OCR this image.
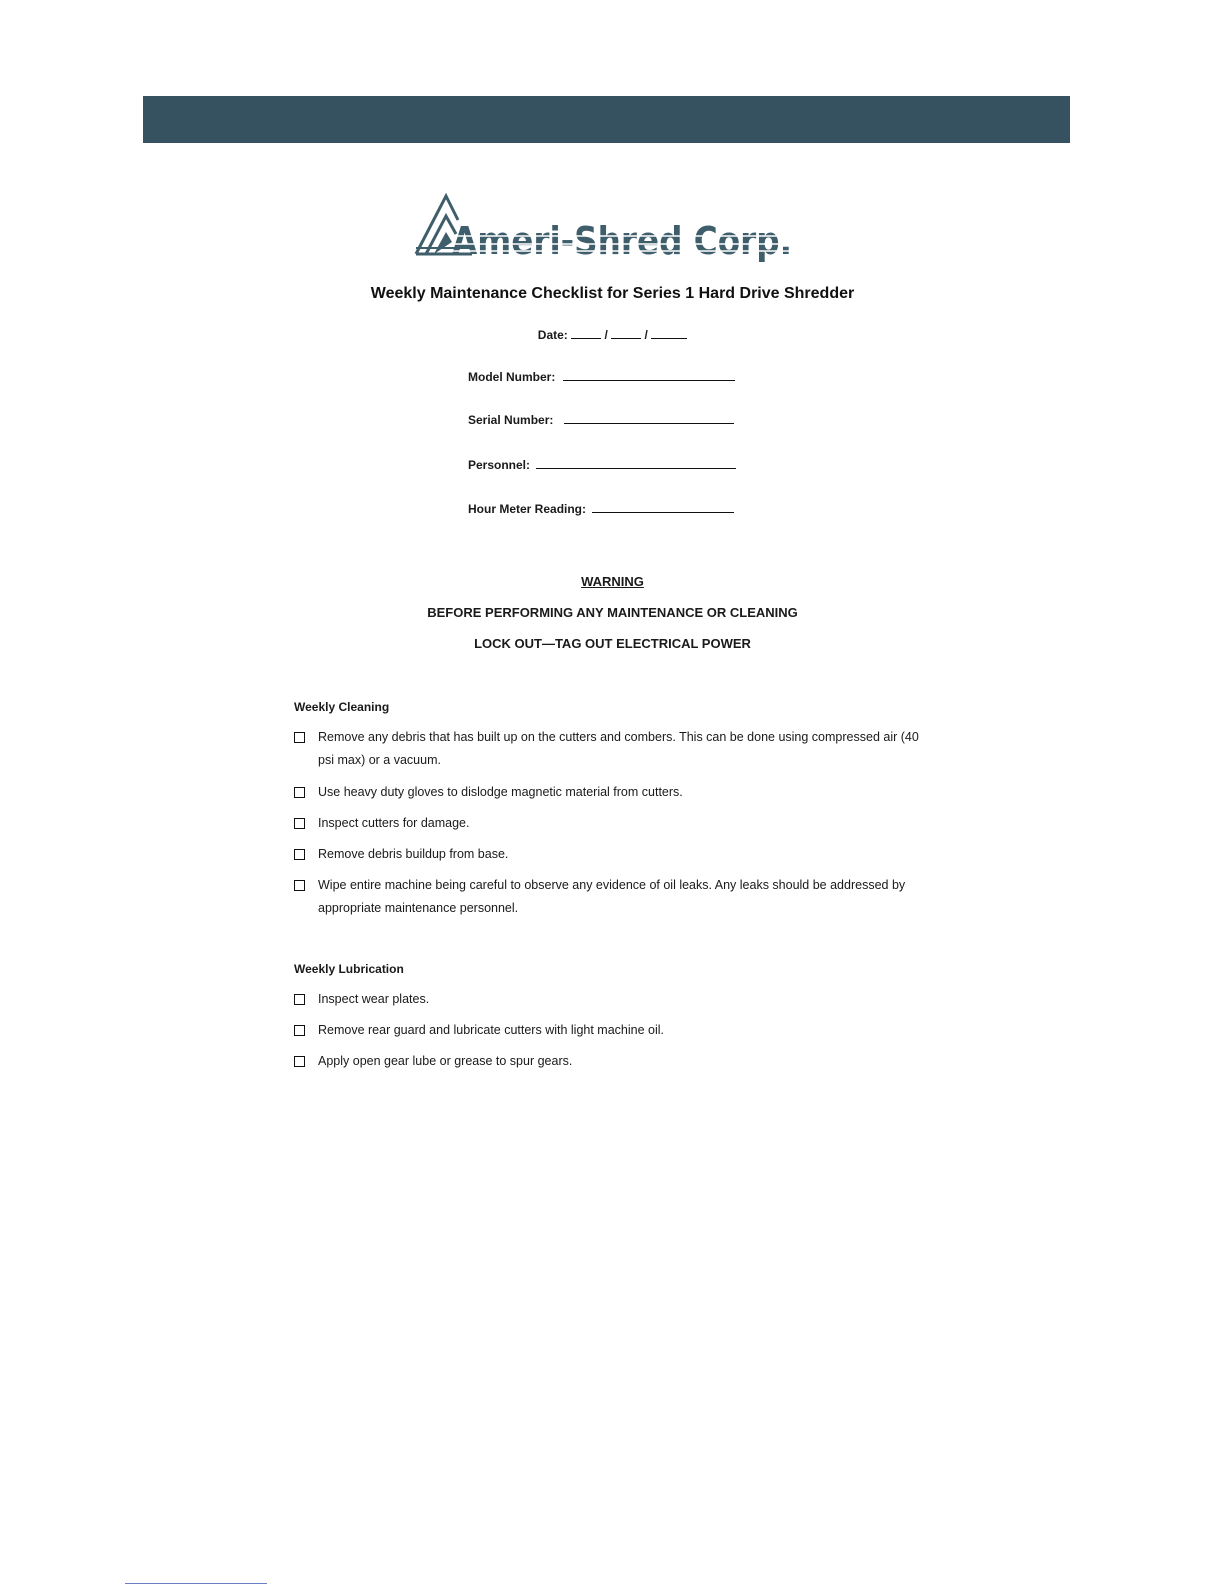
Ameri-Shred Corp.
Weekly Maintenance Checklist for Series 1 Hard Drive Shredder
Date:	/	/
Model Number:
Serial Number:
Personnel:
Hour Meter Reading:
WARNING
BEFORE PERFORMING ANY MAINTENANCE OR CLEANING
LOCK OUT—TAG OUT ELECTRICAL POWER
Weekly Cleaning
Remove any debris that has built up on the cutters and combers. This can be done using compressed air (40 psi max) or a vacuum.
Use heavy duty gloves to dislodge magnetic material from cutters.
Inspect cutters for damage.
Remove debris buildup from base.
Wipe entire machine being careful to observe any evidence of oil leaks. Any leaks should be addressed by appropriate maintenance personnel.
Weekly Lubrication
Inspect wear plates.
Remove rear guard and lubricate cutters with light machine oil.
Apply open gear lube or grease to spur gears.
